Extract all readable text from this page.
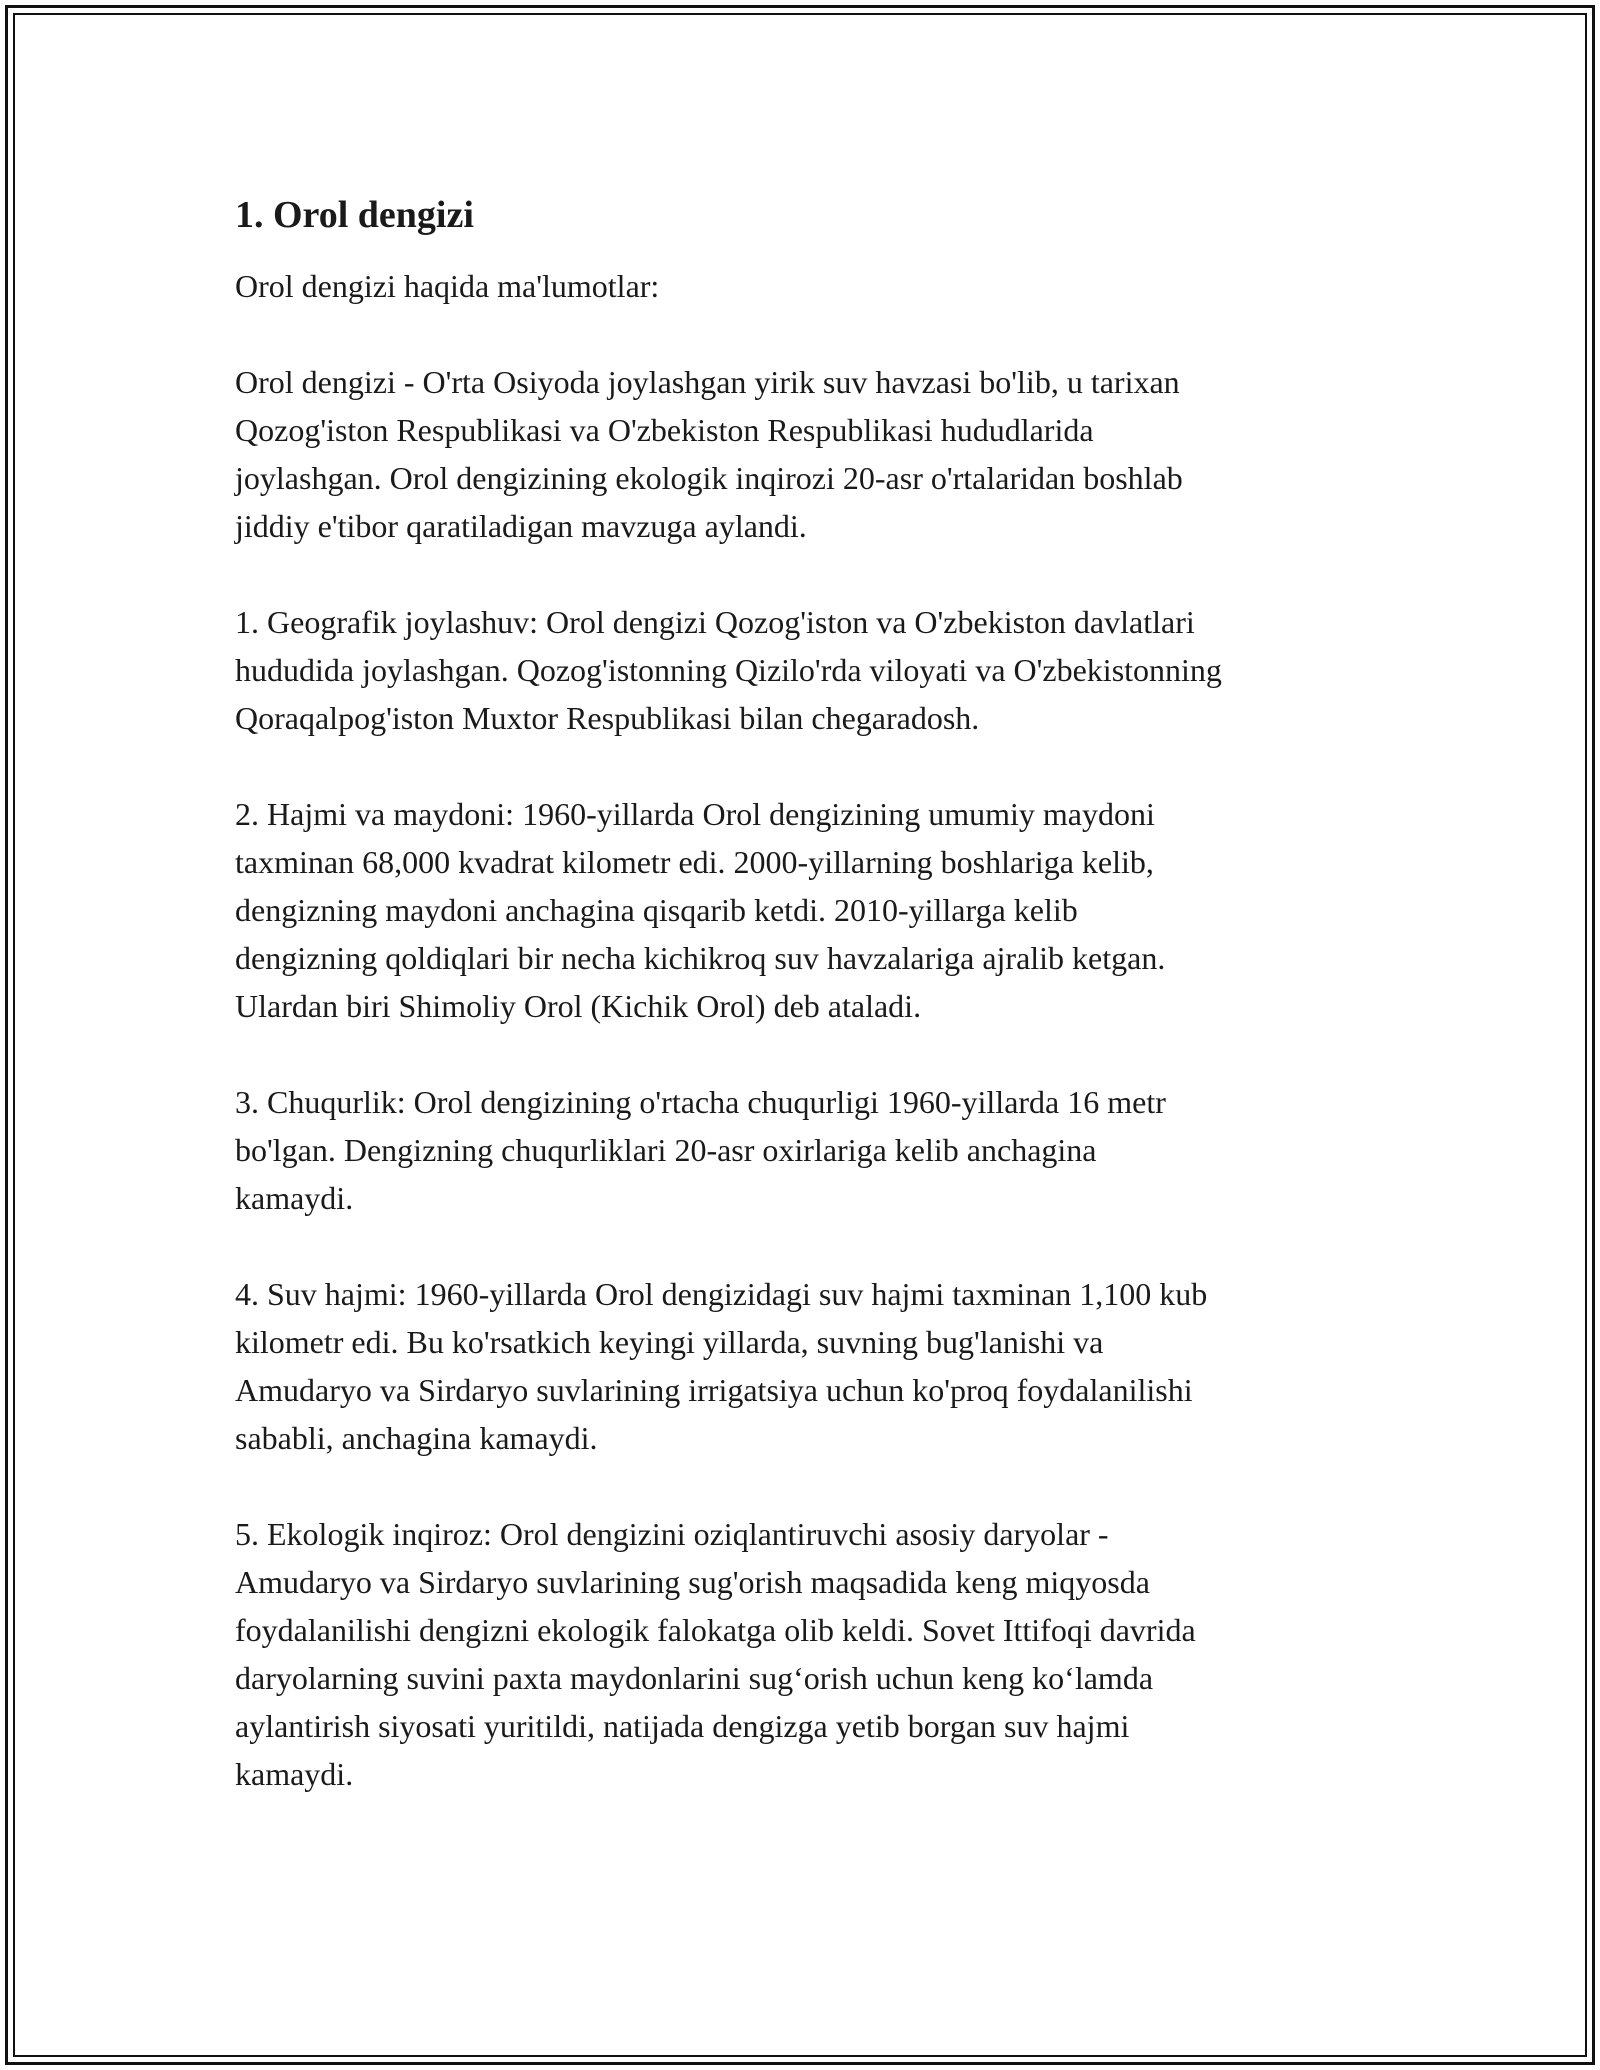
1. Orol dengizi

Orol dengizi haqida ma'lumotlar:

Orol dengizi - O'rta Osiyoda joylashgan yirik suv havzasi bo'lib, u tarixan
Qozog'iston Respublikasi va O'zbekiston Respublikasi hududlarida
joylashgan. Orol dengizining ekologik inqirozi 20-asr o'rtalaridan boshlab
jiddiy e'tibor qaratiladigan mavzuga aylandi.

1. Geografik joylashuv: Orol dengizi Qozog'iston va O'zbekiston davlatlari
hududida joylashgan. Qozog'istonning Qizilo'rda viloyati va O'zbekistonning
Qoraqalpog'iston Muxtor Respublikasi bilan chegaradosh.

2. Hajmi va maydoni: 1960-yillarda Orol dengizining umumiy maydoni
taxminan 68,000 kvadrat kilometr edi. 2000-yillarning boshlariga kelib,
dengizning maydoni anchagina qisqarib ketdi. 2010-yillarga kelib
dengizning qoldiqlari bir necha kichikroq suv havzalariga ajralib ketgan.
Ulardan biri Shimoliy Orol (Kichik Orol) deb ataladi.

3. Chuqurlik: Orol dengizining o'rtacha chuqurligi 1960-yillarda 16 metr
bo'lgan. Dengizning chuqurliklari 20-asr oxirlariga kelib anchagina
kamaydi.

4. Suv hajmi: 1960-yillarda Orol dengizidagi suv hajmi taxminan 1,100 kub
kilometr edi. Bu ko'rsatkich keyingi yillarda, suvning bug'lanishi va
Amudaryo va Sirdaryo suvlarining irrigatsiya uchun ko'proq foydalanilishi
sababli, anchagina kamaydi.

5. Ekologik inqiroz: Orol dengizini oziqlantiruvchi asosiy daryolar -
Amudaryo va Sirdaryo suvlarining sug'orish maqsadida keng miqyosda
foydalanilishi dengizni ekologik falokatga olib keldi. Sovet Ittifoqi davrida
daryolarning suvini paxta maydonlarini sug‘orish uchun keng ko‘lamda
aylantirish siyosati yuritildi, natijada dengizga yetib borgan suv hajmi
kamaydi.
